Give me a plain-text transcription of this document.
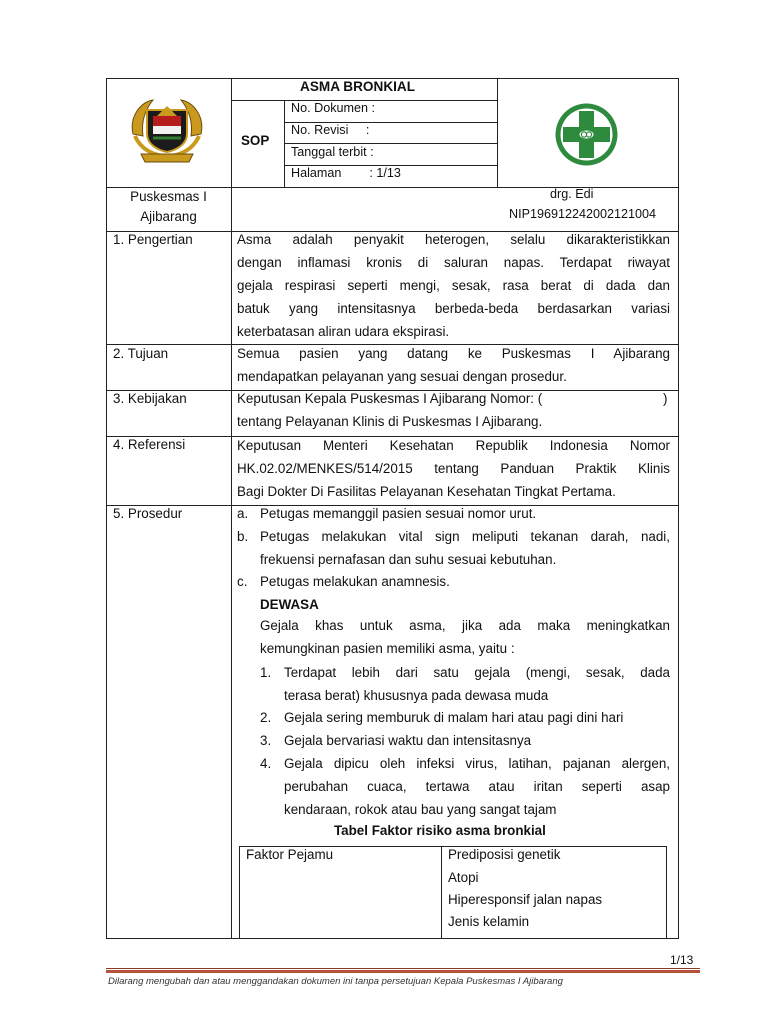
ASMA BRONKIAL
SOP
No. Dokumen :
No. Revisi     :
Tanggal terbit :
Halaman        : 1/13
Puskesmas I
Ajibarang
drg. Edi
NIP196912242002121004
1. Pengertian
2. Tujuan
3. Kebijakan
4. Referensi
5. Prosedur
Asma adalah penyakit heterogen, selalu dikarakteristikkan
dengan inflamasi kronis di saluran napas. Terdapat riwayat
gejala respirasi seperti mengi, sesak, rasa berat di dada dan
batuk yang intensitasnya berbeda-beda berdasarkan variasi
keterbatasan aliran udara ekspirasi.
Semua pasien yang datang ke Puskesmas I Ajibarang
mendapatkan pelayanan yang sesuai dengan prosedur.
Keputusan Kepala Puskesmas I Ajibarang Nomor: (	)
tentang Pelayanan Klinis di Puskesmas I Ajibarang.
Keputusan Menteri Kesehatan Republik Indonesia Nomor
HK.02.02/MENKES/514/2015 tentang Panduan Praktik Klinis
Bagi Dokter Di Fasilitas Pelayanan Kesehatan Tingkat Pertama.
a. Petugas memanggil pasien sesuai nomor urut.
b. Petugas melakukan vital sign meliputi tekanan darah, nadi,
frekuensi pernafasan dan suhu sesuai kebutuhan.
c. Petugas melakukan anamnesis.
DEWASA
Gejala khas untuk asma, jika ada maka meningkatkan
kemungkinan pasien memiliki asma, yaitu :
1. Terdapat lebih dari satu gejala (mengi, sesak, dada
terasa berat) khususnya pada dewasa muda
2. Gejala sering memburuk di malam hari atau pagi dini hari
3. Gejala bervariasi waktu dan intensitasnya
4. Gejala dipicu oleh infeksi virus, latihan, pajanan alergen,
perubahan cuaca, tertawa atau iritan seperti asap
kendaraan, rokok atau bau yang sangat tajam
Tabel Faktor risiko asma bronkial
Faktor Pejamu	Prediposisi genetik
Atopi
Hiperesponsif jalan napas
Jenis kelamin
1/13
Dilarang mengubah dan atau menggandakan dokumen ini tanpa persetujuan Kepala Puskesmas I Ajibarang
